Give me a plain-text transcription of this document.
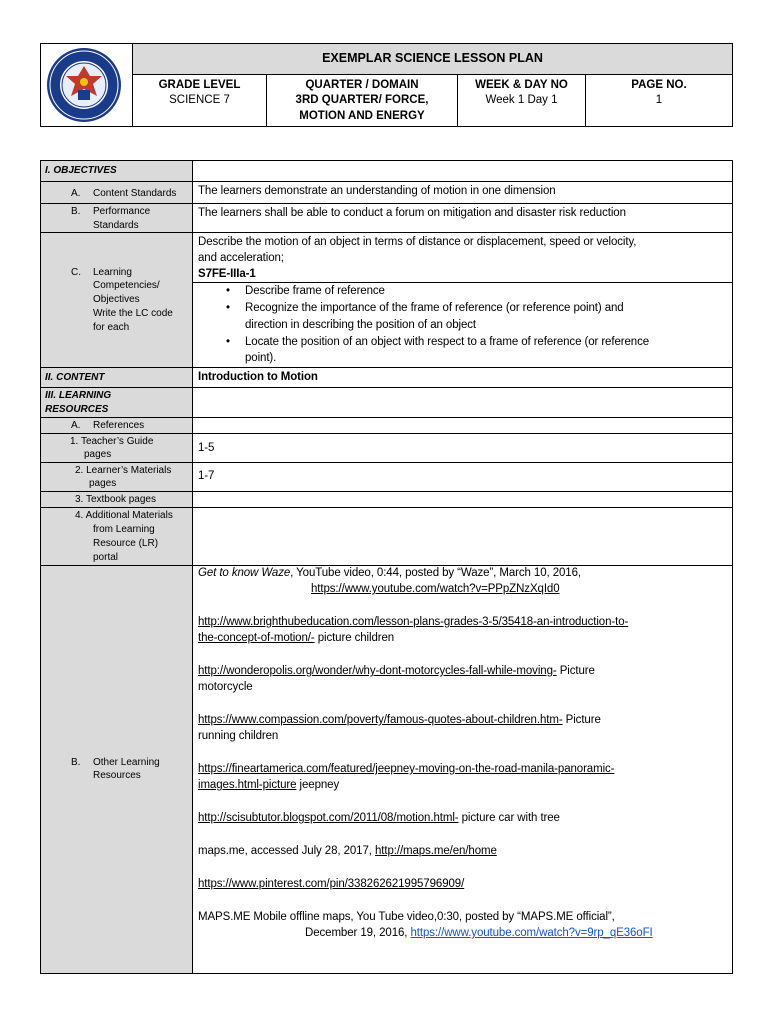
EXEMPLAR SCIENCE LESSON PLAN
GRADE LEVEL
SCIENCE 7
QUARTER / DOMAIN
3RD QUARTER/ FORCE,
MOTION AND ENERGY
WEEK & DAY NO
Week 1 Day 1
PAGE NO.
1
I. OBJECTIVES
A. Content Standards The learners demonstrate an understanding of motion in one dimension
B. Performance
Standards
The learners shall be able to conduct a forum on mitigation and disaster risk reduction
C. Learning
Competencies/
Objectives
Write the LC code
for each
Describe the motion of an object in terms of distance or displacement, speed or velocity,
and acceleration;
S7FE-IIIa-1
• Describe frame of reference
• Recognize the importance of the frame of reference (or reference point) and
direction in describing the position of an object
• Locate the position of an object with respect to a frame of reference (or reference
point).
II. CONTENT	Introduction to Motion
III. LEARNING
RESOURCES
A. References
1. Teacher’s Guide
pages
1-5
2. Learner’s Materials
pages
1-7
3. Textbook pages
4. Additional Materials
from Learning
Resource (LR)
portal
B. Other Learning
Resources
Get to know Waze, YouTube video, 0:44, posted by “Waze”, March 10, 2016,
https://www.youtube.com/watch?v=PPpZNzXqId0
http://www.brighthubeducation.com/lesson-plans-grades-3-5/35418-an-introduction-to-
the-concept-of-motion/- picture children
http://wonderopolis.org/wonder/why-dont-motorcycles-fall-while-moving- Picture
motorcycle
https://www.compassion.com/poverty/famous-quotes-about-children.htm- Picture
running children
https://fineartamerica.com/featured/jeepney-moving-on-the-road-manila-panoramic-
images.html-picture jeepney
http://scisubtutor.blogspot.com/2011/08/motion.html- picture car with tree
maps.me, accessed July 28, 2017, http://maps.me/en/home
https://www.pinterest.com/pin/338262621995796909/
MAPS.ME Mobile offline maps, You Tube video,0:30, posted by “MAPS.ME official”,
December 19, 2016, https://www.youtube.com/watch?v=9rp_qE36oFI
